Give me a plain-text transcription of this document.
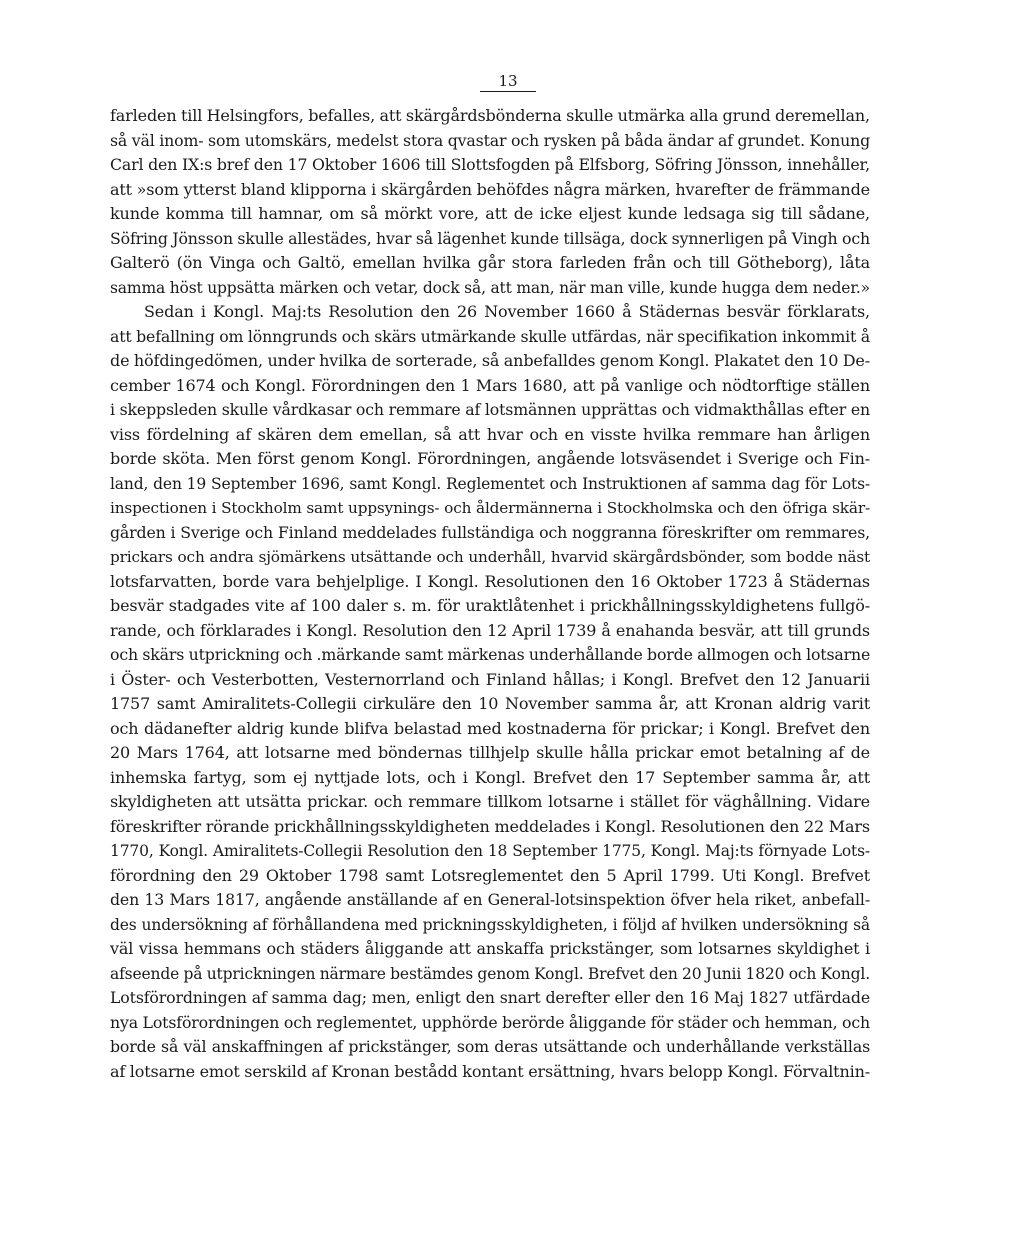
13
farleden till Helsingfors, befalles, att skärgårdsbönderna skulle utmärka alla grund deremellan,
så väl inom- som utomskärs, medelst stora qvastar och rysken på båda ändar af grundet. Konung
Carl den IX:s bref den 17 Oktober 1606 till Slottsfogden på Elfsborg, Söfring Jönsson, innehåller,
att »som ytterst bland klipporna i skärgården behöfdes några märken, hvarefter de främmande
kunde komma till hamnar, om så mörkt vore, att de icke eljest kunde ledsaga sig till sådane,
Söfring Jönsson skulle allestädes, hvar så lägenhet kunde tillsäga, dock synnerligen på Vingh och
Galterö (ön Vinga och Galtö, emellan hvilka går stora farleden från och till Götheborg), låta
samma höst uppsätta märken och vetar, dock så, att man, när man ville, kunde hugga dem neder.»
Sedan i Kongl. Maj:ts Resolution den 26 November 1660 å Städernas besvär förklarats,
att befallning om lönngrunds och skärs utmärkande skulle utfärdas, när specifikation inkommit å
de höfdingedömen, under hvilka de sorterade, så anbefalldes genom Kongl. Plakatet den 10 De-
cember 1674 och Kongl. Förordningen den 1 Mars 1680, att på vanlige och nödtorftige ställen
i skeppsleden skulle vårdkasar och remmare af lotsmännen upprättas och vidmakthållas efter en
viss fördelning af skären dem emellan, så att hvar och en visste hvilka remmare han årligen
borde sköta. Men först genom Kongl. Förordningen, angående lotsväsendet i Sverige och Fin-
land, den 19 September 1696, samt Kongl. Reglementet och Instruktionen af samma dag för Lots-
inspectionen i Stockholm samt uppsynings- och åldermännerna i Stockholmska och den öfriga skär-
gården i Sverige och Finland meddelades fullständiga och noggranna föreskrifter om remmares,
prickars och andra sjömärkens utsättande och underhåll, hvarvid skärgårdsbönder, som bodde näst
lotsfarvatten, borde vara behjelplige. I Kongl. Resolutionen den 16 Oktober 1723 å Städernas
besvär stadgades vite af 100 daler s. m. för uraktlåtenhet i prickhållningsskyldighetens fullgö-
rande, och förklarades i Kongl. Resolution den 12 April 1739 å enahanda besvär, att till grunds
och skärs utprickning och .märkande samt märkenas underhållande borde allmogen och lotsarne
i Öster- och Vesterbotten, Vesternorrland och Finland hållas; i Kongl. Brefvet den 12 Januarii
1757 samt Amiralitets-Collegii cirkuläre den 10 November samma år, att Kronan aldrig varit
och dädanefter aldrig kunde blifva belastad med kostnaderna för prickar; i Kongl. Brefvet den
20 Mars 1764, att lotsarne med böndernas tillhjelp skulle hålla prickar emot betalning af de
inhemska fartyg, som ej nyttjade lots, och i Kongl. Brefvet den 17 September samma år, att
skyldigheten att utsätta prickar. och remmare tillkom lotsarne i stället för väghållning. Vidare
föreskrifter rörande prickhållningsskyldigheten meddelades i Kongl. Resolutionen den 22 Mars
1770, Kongl. Amiralitets-Collegii Resolution den 18 September 1775, Kongl. Maj:ts förnyade Lots-
förordning den 29 Oktober 1798 samt Lotsreglementet den 5 April 1799. Uti Kongl. Brefvet
den 13 Mars 1817, angående anställande af en General-lotsinspektion öfver hela riket, anbefall-
des undersökning af förhållandena med prickningsskyldigheten, i följd af hvilken undersökning så
väl vissa hemmans och städers åliggande att anskaffa prickstänger, som lotsarnes skyldighet i
afseende på utprickningen närmare bestämdes genom Kongl. Brefvet den 20 Junii 1820 och Kongl.
Lotsförordningen af samma dag; men, enligt den snart derefter eller den 16 Maj 1827 utfärdade
nya Lotsförordningen och reglementet, upphörde berörde åliggande för städer och hemman, och
borde så väl anskaffningen af prickstänger, som deras utsättande och underhållande verkställas
af lotsarne emot serskild af Kronan bestådd kontant ersättning, hvars belopp Kongl. Förvaltnin-
